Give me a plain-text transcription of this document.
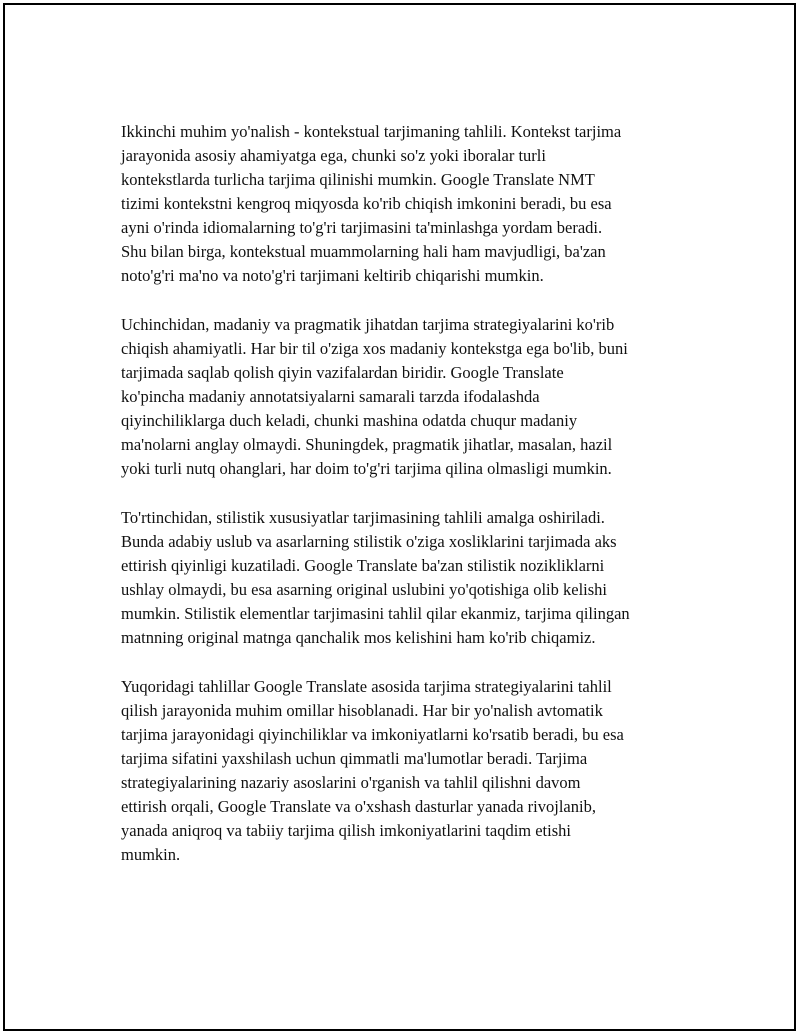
Ikkinchi muhim yo'nalish - kontekstual tarjimaning tahlili. Kontekst tarjima
jarayonida asosiy ahamiyatga ega, chunki so'z yoki iboralar turli
kontekstlarda turlicha tarjima qilinishi mumkin. Google Translate NMT
tizimi kontekstni kengroq miqyosda ko'rib chiqish imkonini beradi, bu esa
ayni o'rinda idiomalarning to'g'ri tarjimasini ta'minlashga yordam beradi.
Shu bilan birga, kontekstual muammolarning hali ham mavjudligi, ba'zan
noto'g'ri ma'no va noto'g'ri tarjimani keltirib chiqarishi mumkin.

Uchinchidan, madaniy va pragmatik jihatdan tarjima strategiyalarini ko'rib
chiqish ahamiyatli. Har bir til o'ziga xos madaniy kontekstga ega bo'lib, buni
tarjimada saqlab qolish qiyin vazifalardan biridir. Google Translate
ko'pincha madaniy annotatsiyalarni samarali tarzda ifodalashda
qiyinchiliklarga duch keladi, chunki mashina odatda chuqur madaniy
ma'nolarni anglay olmaydi. Shuningdek, pragmatik jihatlar, masalan, hazil
yoki turli nutq ohanglari, har doim to'g'ri tarjima qilina olmasligi mumkin.

To'rtinchidan, stilistik xususiyatlar tarjimasining tahlili amalga oshiriladi.
Bunda adabiy uslub va asarlarning stilistik o'ziga xosliklarini tarjimada aks
ettirish qiyinligi kuzatiladi. Google Translate ba'zan stilistik nozikliklarni
ushlay olmaydi, bu esa asarning original uslubini yo'qotishiga olib kelishi
mumkin. Stilistik elementlar tarjimasini tahlil qilar ekanmiz, tarjima qilingan
matnning original matnga qanchalik mos kelishini ham ko'rib chiqamiz.

Yuqoridagi tahlillar Google Translate asosida tarjima strategiyalarini tahlil
qilish jarayonida muhim omillar hisoblanadi. Har bir yo'nalish avtomatik
tarjima jarayonidagi qiyinchiliklar va imkoniyatlarni ko'rsatib beradi, bu esa
tarjima sifatini yaxshilash uchun qimmatli ma'lumotlar beradi. Tarjima
strategiyalarining nazariy asoslarini o'rganish va tahlil qilishni davom
ettirish orqali, Google Translate va o'xshash dasturlar yanada rivojlanib,
yanada aniqroq va tabiiy tarjima qilish imkoniyatlarini taqdim etishi
mumkin.
